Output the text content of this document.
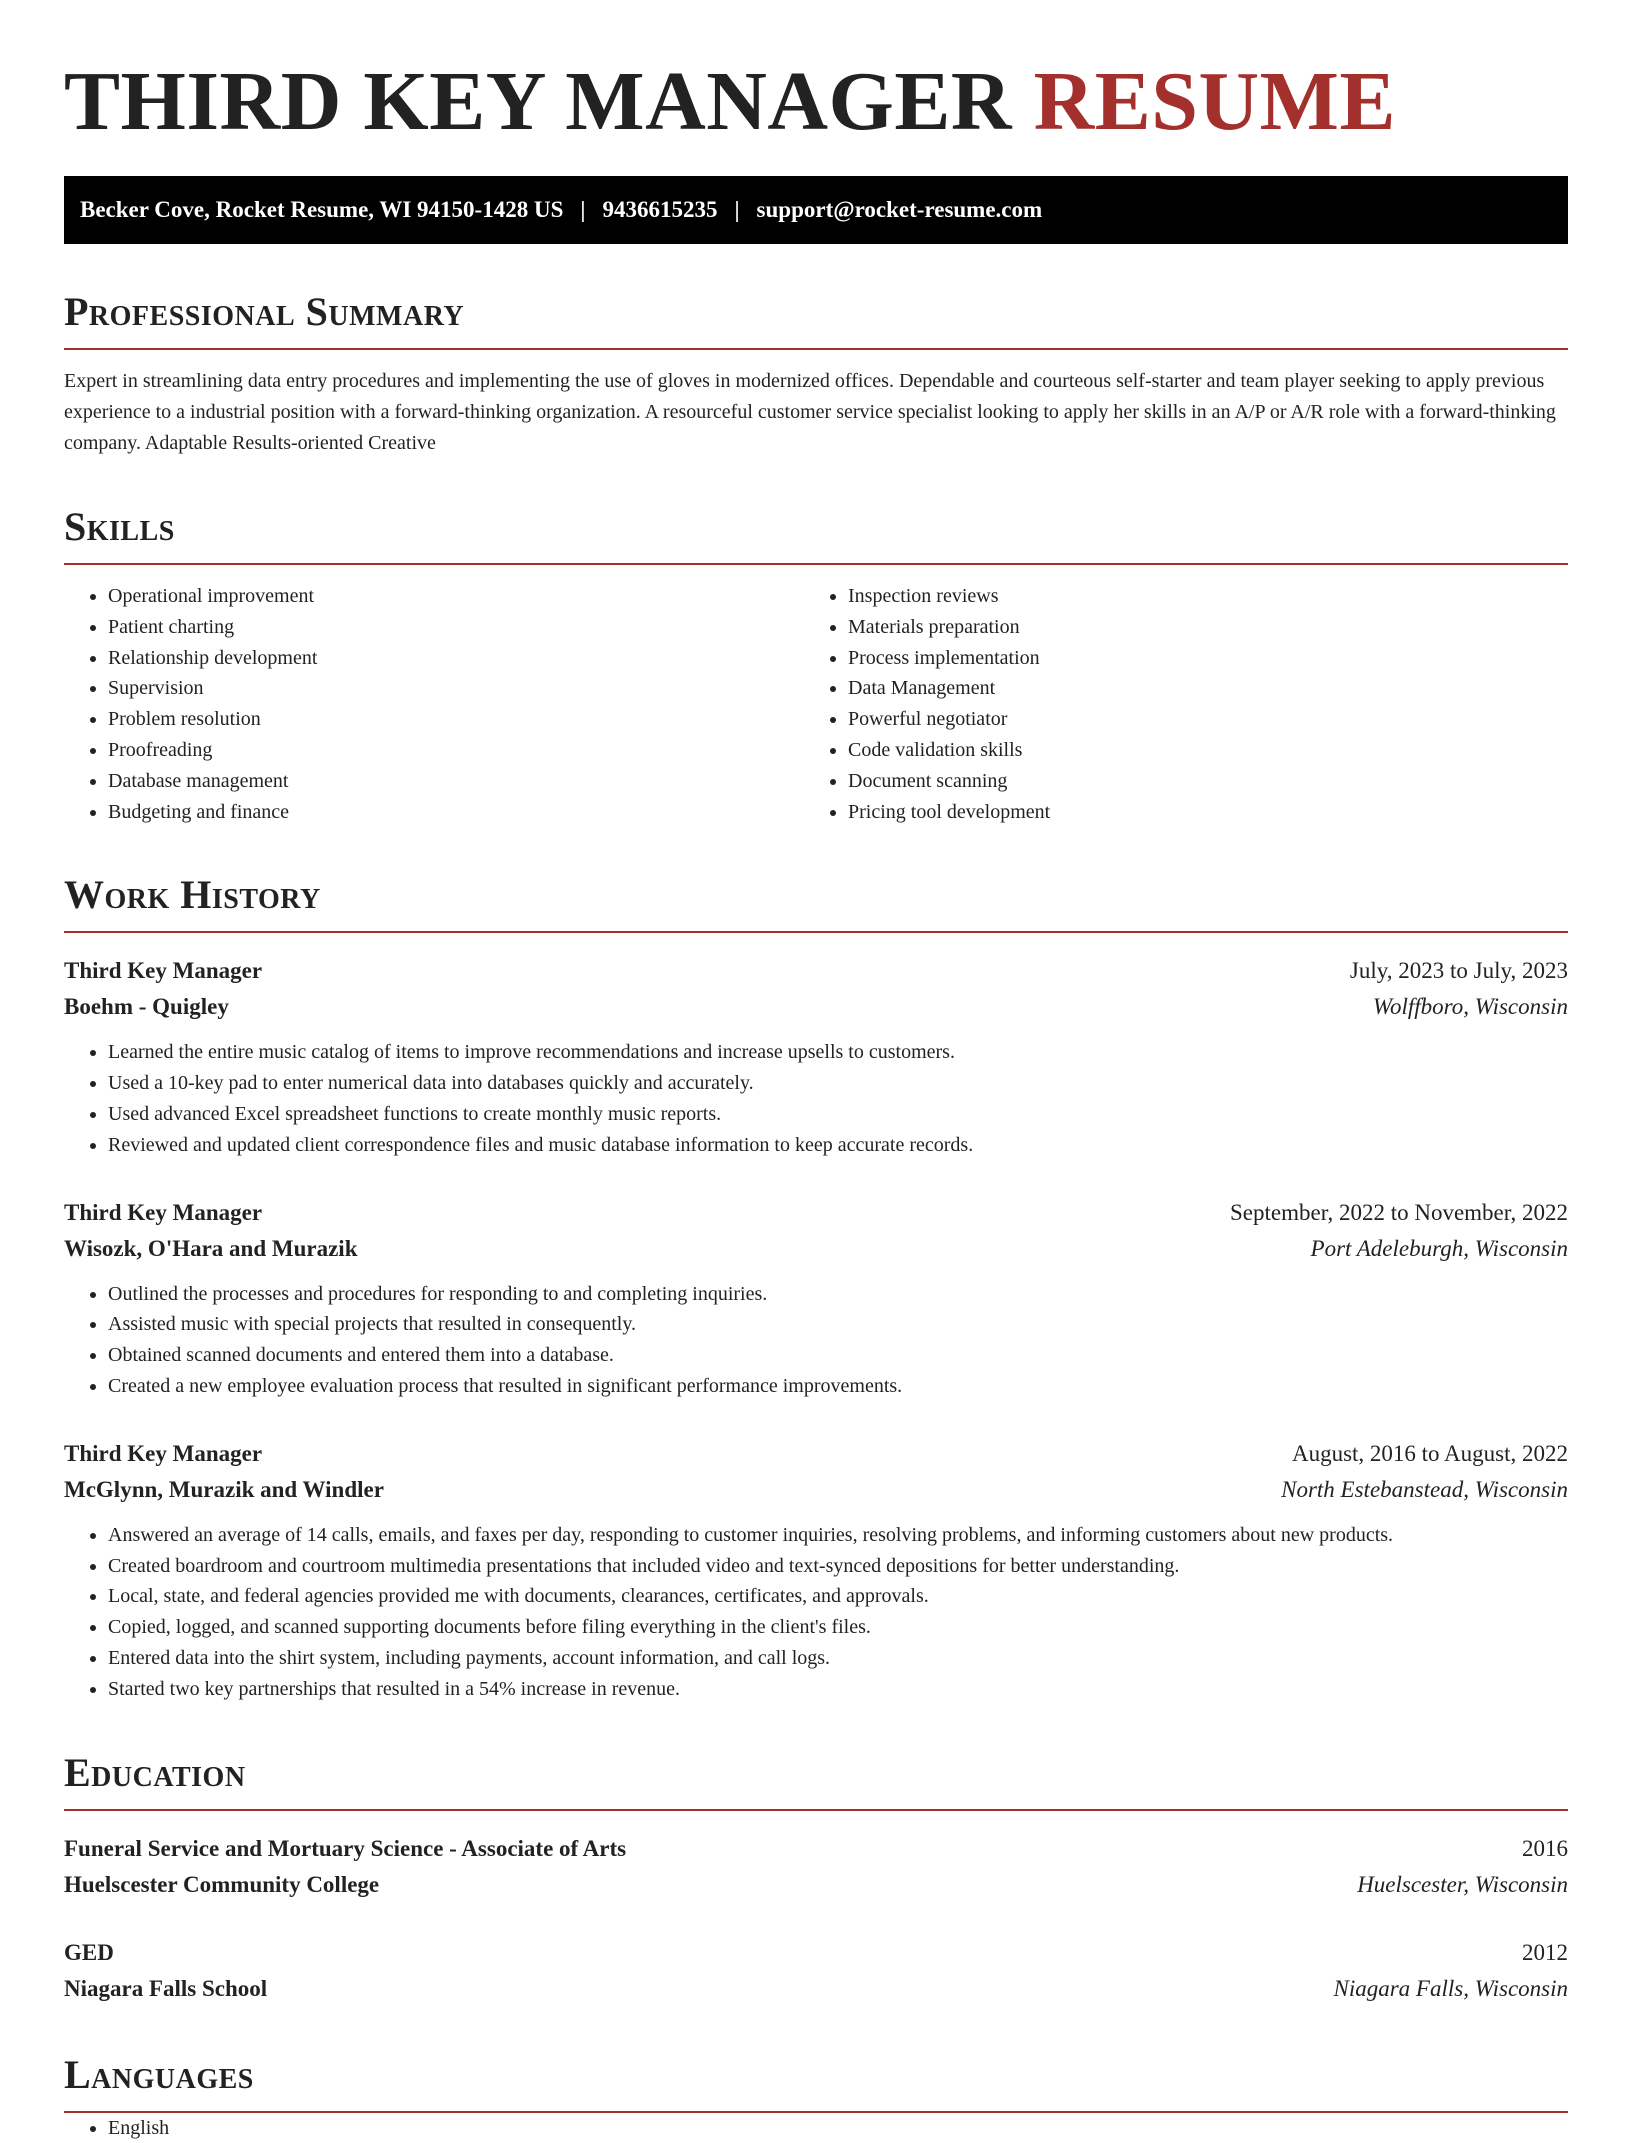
THIRD KEY MANAGER RESUME
Becker Cove, Rocket Resume, WI 94150-1428 US | 9436615235 | support@rocket-resume.com
Professional Summary

Expert in streamlining data entry procedures and implementing the use of gloves in modernized offices. Dependable and courteous self-starter and team player seeking to apply previous experience to a industrial position with a forward-thinking organization. A resourceful customer service specialist looking to apply her skills in an A/P or A/R role with a forward-thinking company. Adaptable Results-oriented Creative

Skills
• Operational improvement
• Patient charting
• Relationship development
• Supervision
• Problem resolution
• Proofreading
• Database management
• Budgeting and finance
• Inspection reviews
• Materials preparation
• Process implementation
• Data Management
• Powerful negotiator
• Code validation skills
• Document scanning
• Pricing tool development
Work History
Third Key Manager	July, 2023 to July, 2023
Boehm - Quigley	Wolffboro, Wisconsin
• Learned the entire music catalog of items to improve recommendations and increase upsells to customers.
• Used a 10-key pad to enter numerical data into databases quickly and accurately.
• Used advanced Excel spreadsheet functions to create monthly music reports.
• Reviewed and updated client correspondence files and music database information to keep accurate records.
Third Key Manager	September, 2022 to November, 2022
Wisozk, O'Hara and Murazik	Port Adeleburgh, Wisconsin
• Outlined the processes and procedures for responding to and completing inquiries.
• Assisted music with special projects that resulted in consequently.
• Obtained scanned documents and entered them into a database.
• Created a new employee evaluation process that resulted in significant performance improvements.
Third Key Manager	August, 2016 to August, 2022
McGlynn, Murazik and Windler	North Estebanstead, Wisconsin
• Answered an average of 14 calls, emails, and faxes per day, responding to customer inquiries, resolving problems, and informing customers about new products.
• Created boardroom and courtroom multimedia presentations that included video and text-synced depositions for better understanding.
• Local, state, and federal agencies provided me with documents, clearances, certificates, and approvals.
• Copied, logged, and scanned supporting documents before filing everything in the client's files.
• Entered data into the shirt system, including payments, account information, and call logs.
• Started two key partnerships that resulted in a 54% increase in revenue.
Education
Funeral Service and Mortuary Science - Associate of Arts	2016
Huelscester Community College	Huelscester, Wisconsin
GED	2012
Niagara Falls School	Niagara Falls, Wisconsin
Languages
• English
